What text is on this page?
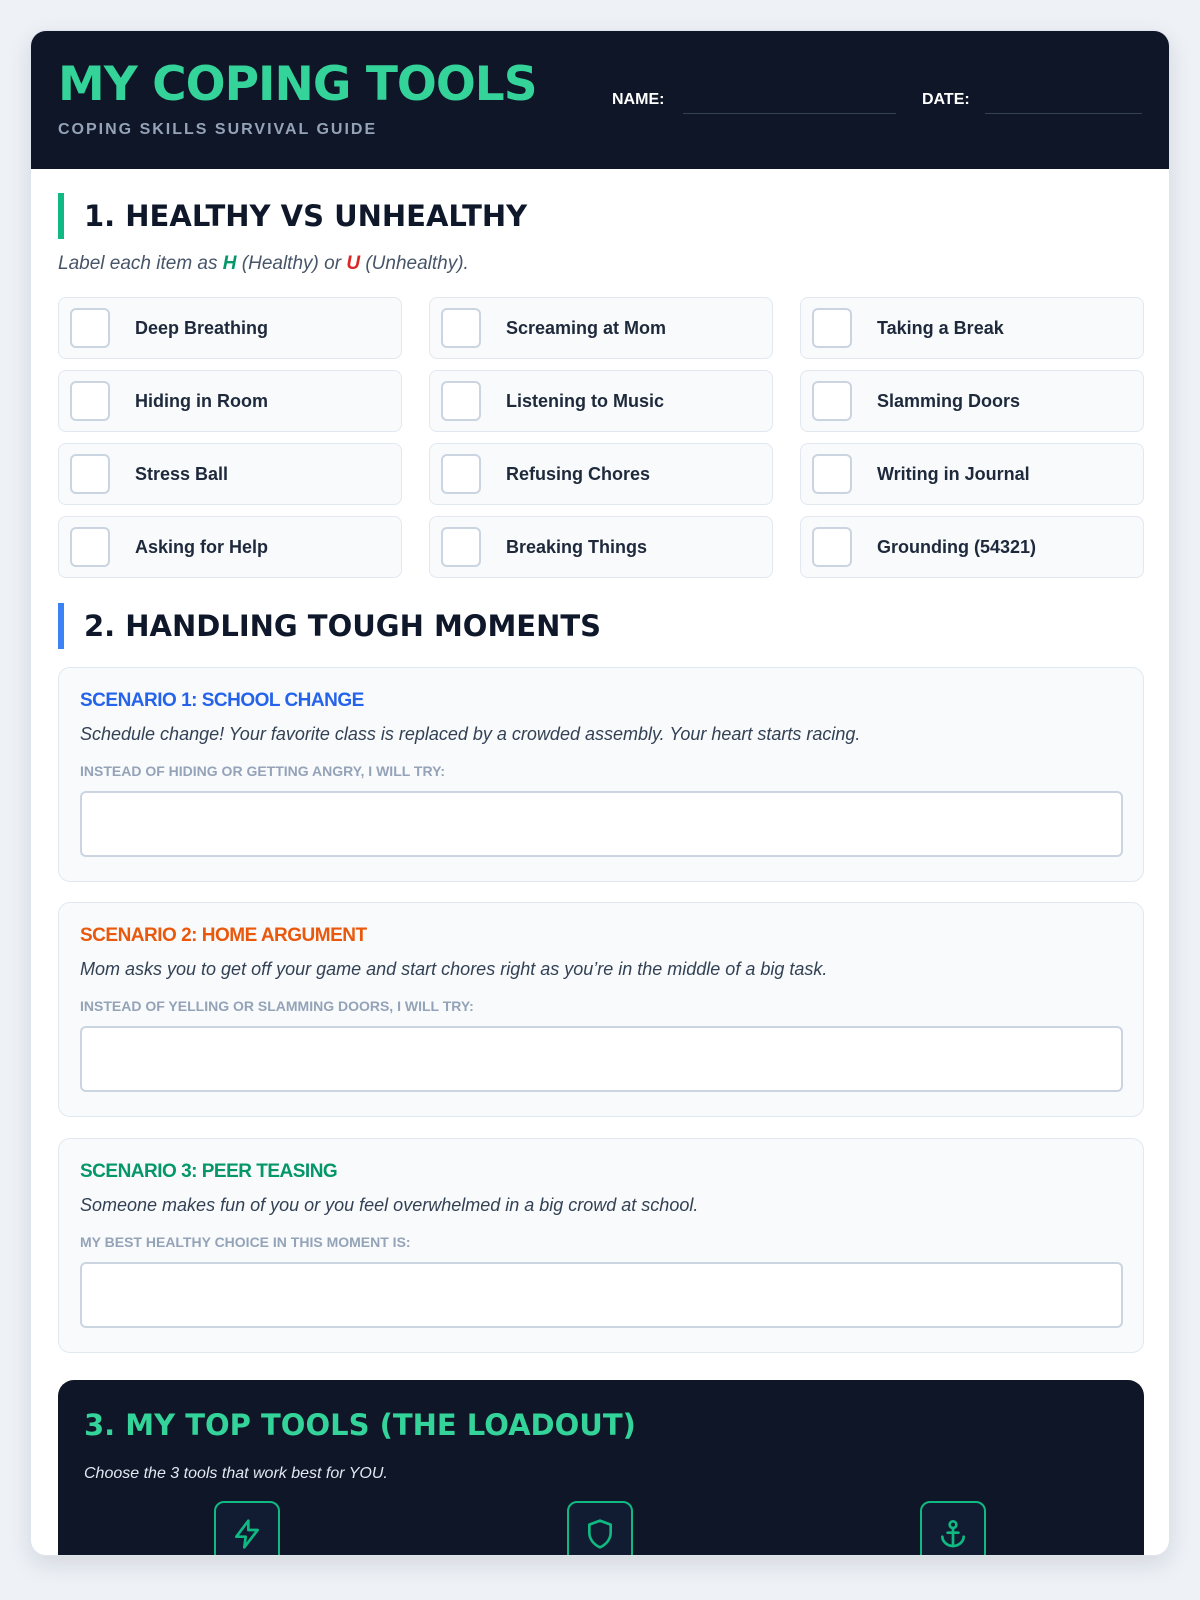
MY COPING TOOLS
COPING SKILLS SURVIVAL GUIDE
NAME:	DATE:
1. HEALTHY VS UNHEALTHY
Label each item as H (Healthy) or U (Unhealthy).
Deep Breathing	Screaming at Mom	Taking a Break
Hiding in Room	Listening to Music	Slamming Doors
Stress Ball	Refusing Chores	Writing in Journal
Asking for Help	Breaking Things	Grounding (54321)
2. HANDLING TOUGH MOMENTS
SCENARIO 1: SCHOOL CHANGE
Schedule change! Your favorite class is replaced by a crowded assembly. Your heart starts racing.
INSTEAD OF HIDING OR GETTING ANGRY, I WILL TRY:
SCENARIO 2: HOME ARGUMENT
Mom asks you to get off your game and start chores right as you’re in the middle of a big task.
INSTEAD OF YELLING OR SLAMMING DOORS, I WILL TRY:
SCENARIO 3: PEER TEASING
Someone makes fun of you or you feel overwhelmed in a big crowd at school.
MY BEST HEALTHY CHOICE IN THIS MOMENT IS:
3. MY TOP TOOLS (THE LOADOUT)
Choose the 3 tools that work best for YOU.
